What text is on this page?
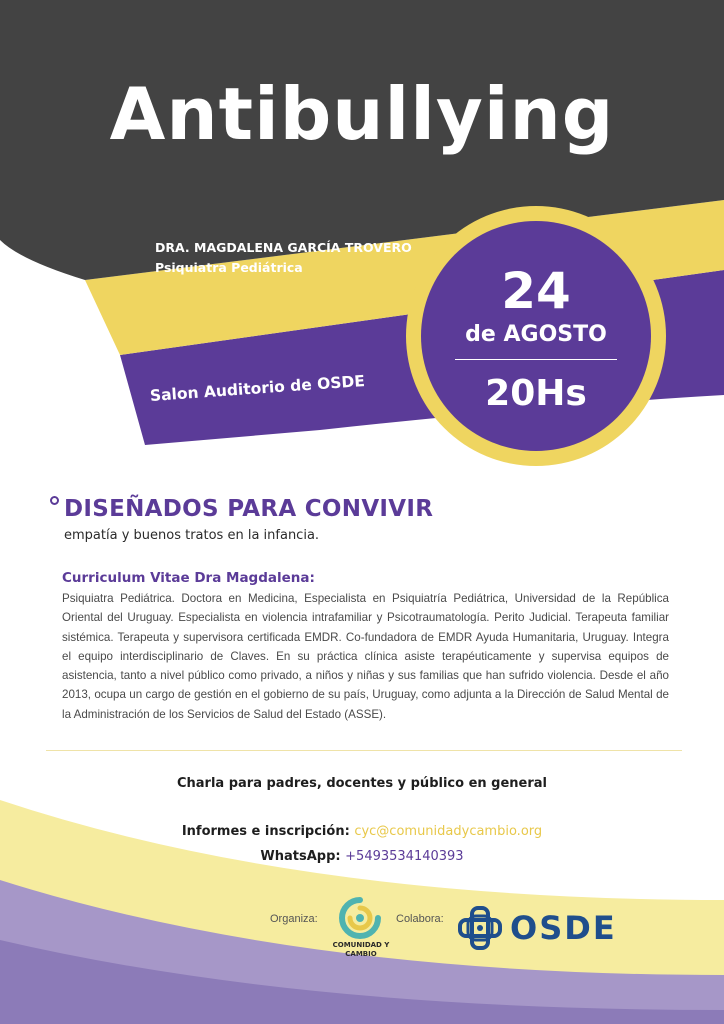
Antibullying
DRA. MAGDALENA GARCÍA TROVERO
Psiquiatra Pediátrica
Salon Auditorio de OSDE
24
de AGOSTO
20Hs
DISEÑADOS PARA CONVIVIR
empatía y buenos tratos en la infancia.
Curriculum Vitae Dra Magdalena:
Psiquiatra Pediátrica. Doctora en Medicina, Especialista en Psiquiatría Pediátrica, Universidad de la República Oriental del Uruguay. Especialista en violencia intrafamiliar y Psicotraumatología. Perito Judicial. Terapeuta familiar sistémica. Terapeuta y supervisora certificada EMDR. Co-fundadora de EMDR Ayuda Humanitaria, Uruguay. Integra el equipo interdisciplinario de Claves. En su práctica clínica asiste terapéuticamente y supervisa equipos de asistencia, tanto a nivel público como privado, a niños y niñas y sus familias que han sufrido violencia. Desde el año 2013, ocupa un cargo de gestión en el gobierno de su país, Uruguay, como adjunta a la Dirección de Salud Mental de la Administración de los Servicios de Salud del Estado (ASSE).
Charla para padres, docentes y público en general
Informes e inscripción: cyc@comunidadycambio.org
WhatsApp: +5493534140393
Organiza:
COMUNIDAD Y CAMBIO
Colabora: OSDE
